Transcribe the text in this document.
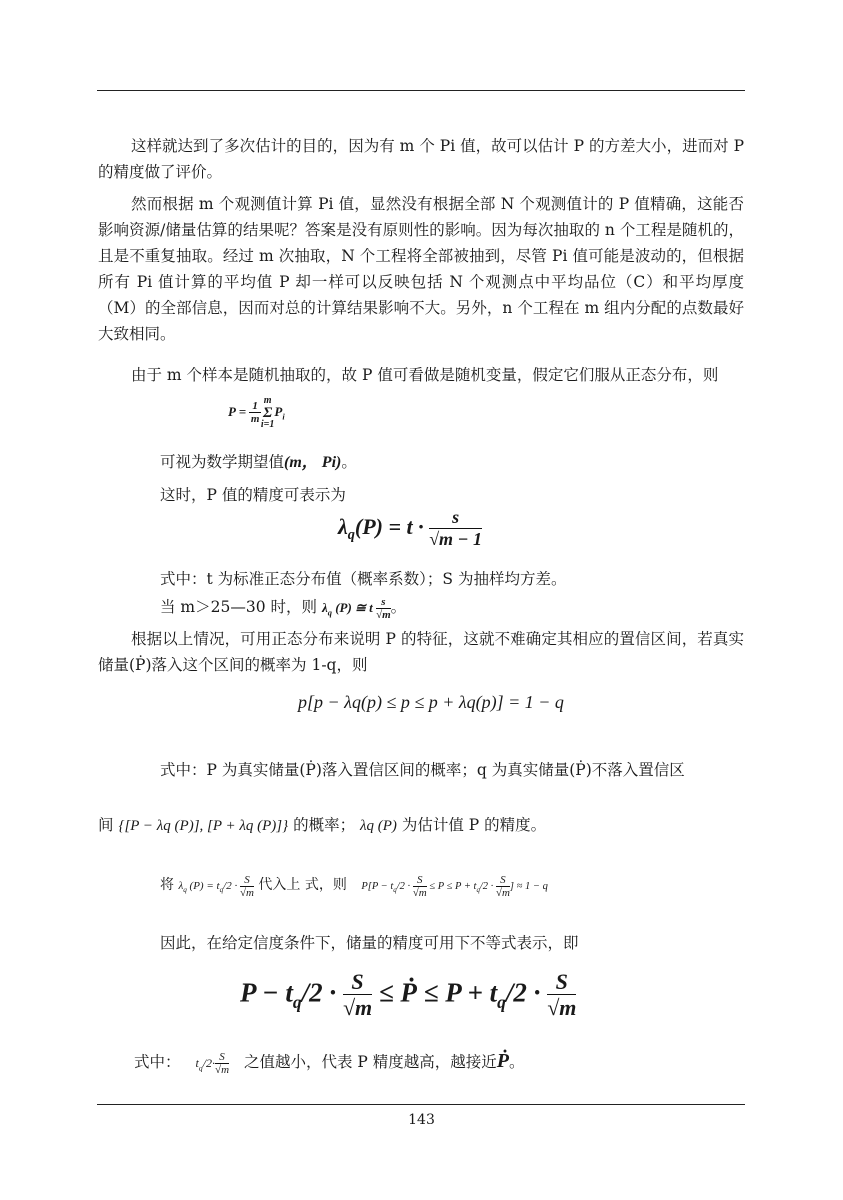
这样就达到了多次估计的目的，因为有 m 个 Pi 值，故可以估计 P 的方差大小，进而对 P 的精度做了评价。

然而根据 m 个观测值计算 Pi 值，显然没有根据全部 N 个观测值计的 P 值精确，这能否影响资源/储量估算的结果呢？答案是没有原则性的影响。因为每次抽取的 n 个工程是随机的，且是不重复抽取。经过 m 次抽取，N 个工程将全部被抽到，尽管 Pi 值可能是波动的，但根据所有 Pi 值计算的平均值 P 却一样可以反映包括 N 个观测点中平均品位（C）和平均厚度（M）的全部信息，因而对总的计算结果影响不大。另外，n 个工程在 m 组内分配的点数最好大致相同。

由于 m 个样本是随机抽取的，故 P 值可看做是随机变量，假定它们服从正态分布，则

$P = \frac{1}{m}$ m
Σ
i=1
$P_i$
可视为数学期望值(m， Pi)。
这时，P 值的精度可表示为
$\lambda_q(P) = t \cdot \frac{s}{√m - 1}$
式中：t 为标准正态分布值（概率系数）；S 为抽样均方差。
当 m＞25—30 时，则 $\lambda_q$ (P) ≅ t $\frac{s}{√m}$ 。

根据以上情况，可用正态分布来说明 P 的特征，这就不难确定其相应的置信区间，若真实储量(Ṗ)落入这个区间的概率为 1-q，则

p[p − λq(p) ≤ p ≤ p + λq(p)] = 1 − q
式中：P 为真实储量(Ṗ)落入置信区间的概率；q 为真实储量(Ṗ)不落入置信区
间 {[P − λq (P)], [P + λq (P)]} 的概率； λq (P) 为估计值 P 的精度。
将 $\lambda_q$ $(P) = t_q/2 \cdot \frac{S}{√m}$ 代入上 式，则 $P[P - t_q/2 \cdot \frac{S}{√m} \le P \le P + t_q/2 \cdot \frac{S}{√m}$ ] ≈ 1 − q
因此，在给定信度条件下，储量的精度可用下不等式表示，即
$P - t_q/2 \cdot \frac{S}{√m}$ ≤ Ṗ ≤ $P + t_q/2 \cdot \frac{S}{√m}$
式中： $t_q/2\cdot \frac{S}{√m}$ 之值越小，代表 P 精度越高，越接近Ṗ。
143
